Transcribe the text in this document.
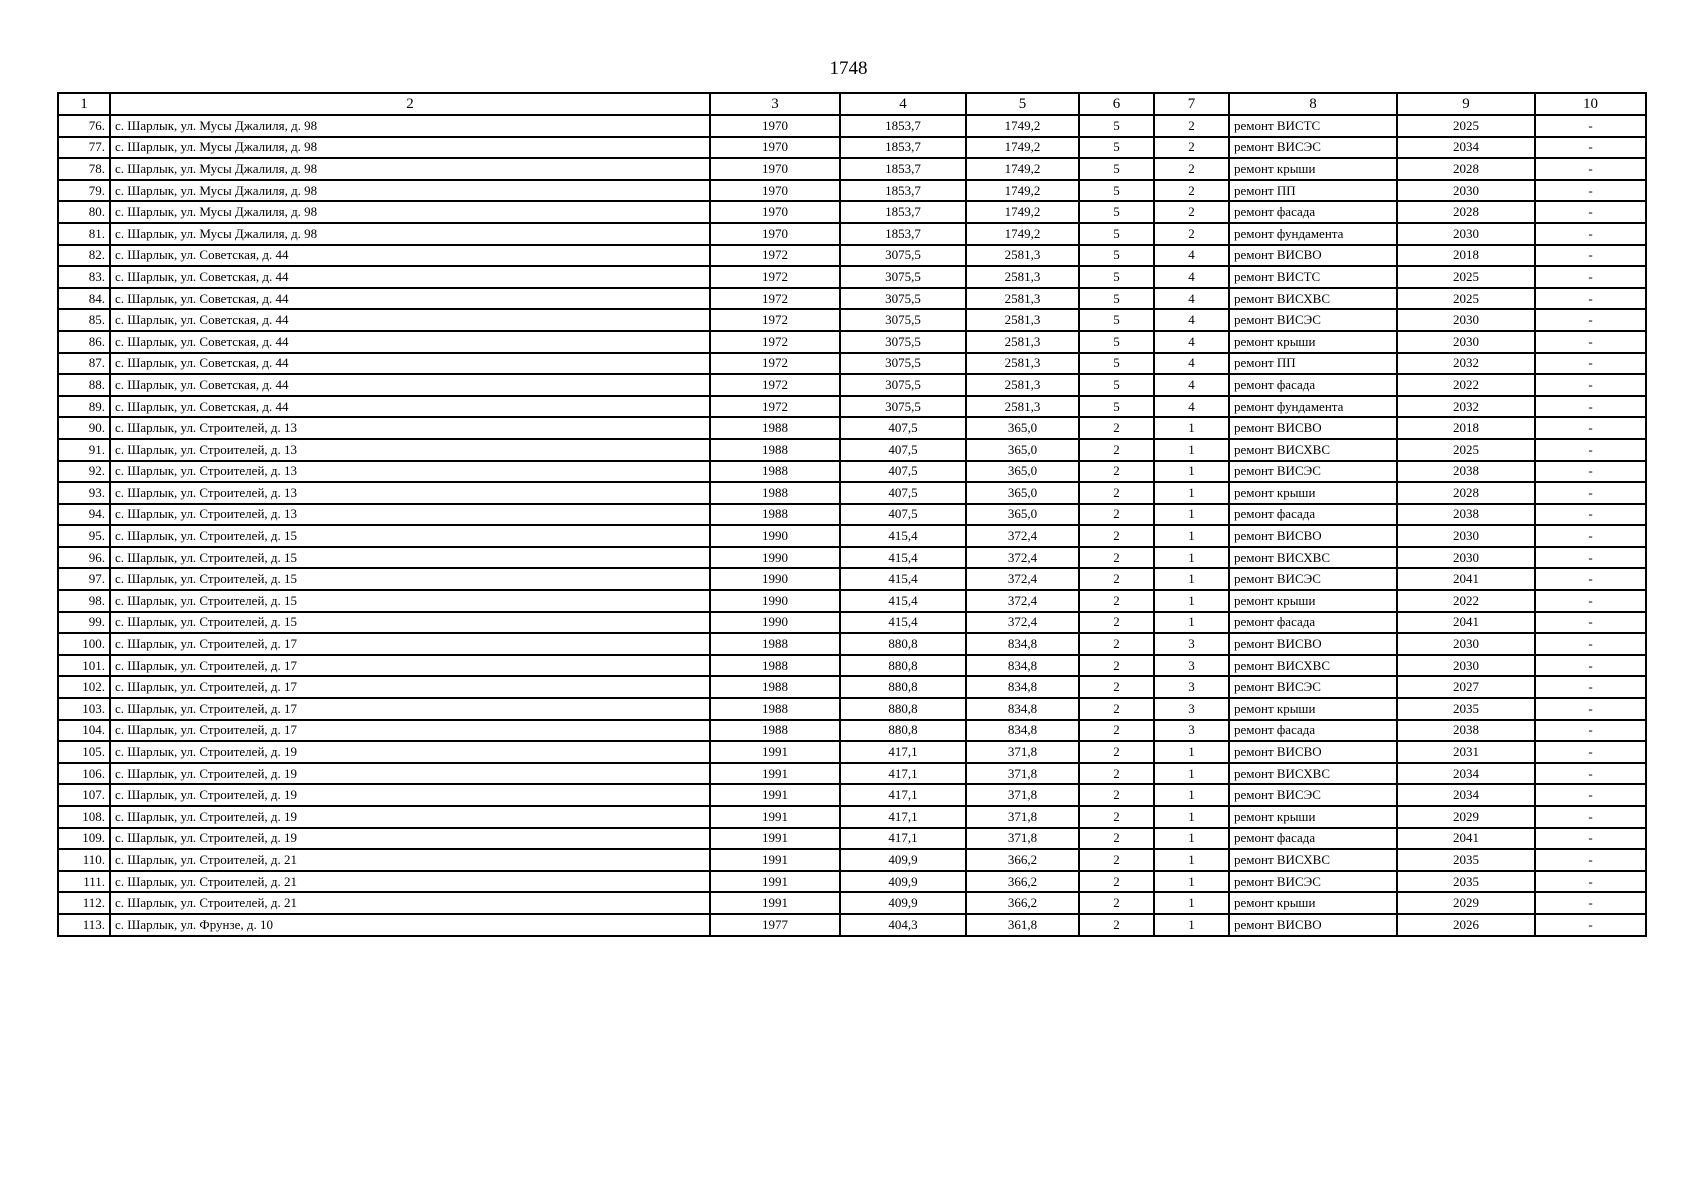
1748
1	2	3	4	5	6	7	8	9	10
76.	с. Шарлык, ул. Мусы Джалиля, д. 98	1970	1853,7	1749,2	5	2	ремонт ВИСТС	2025	-
77.	с. Шарлык, ул. Мусы Джалиля, д. 98	1970	1853,7	1749,2	5	2	ремонт ВИСЭС	2034	-
78.	с. Шарлык, ул. Мусы Джалиля, д. 98	1970	1853,7	1749,2	5	2	ремонт крыши	2028	-
79.	с. Шарлык, ул. Мусы Джалиля, д. 98	1970	1853,7	1749,2	5	2	ремонт ПП	2030	-
80.	с. Шарлык, ул. Мусы Джалиля, д. 98	1970	1853,7	1749,2	5	2	ремонт фасада	2028	-
81.	с. Шарлык, ул. Мусы Джалиля, д. 98	1970	1853,7	1749,2	5	2	ремонт фундамента	2030	-
82.	с. Шарлык, ул. Советская, д. 44	1972	3075,5	2581,3	5	4	ремонт ВИСВО	2018	-
83.	с. Шарлык, ул. Советская, д. 44	1972	3075,5	2581,3	5	4	ремонт ВИСТС	2025	-
84.	с. Шарлык, ул. Советская, д. 44	1972	3075,5	2581,3	5	4	ремонт ВИСХВС	2025	-
85.	с. Шарлык, ул. Советская, д. 44	1972	3075,5	2581,3	5	4	ремонт ВИСЭС	2030	-
86.	с. Шарлык, ул. Советская, д. 44	1972	3075,5	2581,3	5	4	ремонт крыши	2030	-
87.	с. Шарлык, ул. Советская, д. 44	1972	3075,5	2581,3	5	4	ремонт ПП	2032	-
88.	с. Шарлык, ул. Советская, д. 44	1972	3075,5	2581,3	5	4	ремонт фасада	2022	-
89.	с. Шарлык, ул. Советская, д. 44	1972	3075,5	2581,3	5	4	ремонт фундамента	2032	-
90.	с. Шарлык, ул. Строителей, д. 13	1988	407,5	365,0	2	1	ремонт ВИСВО	2018	-
91.	с. Шарлык, ул. Строителей, д. 13	1988	407,5	365,0	2	1	ремонт ВИСХВС	2025	-
92.	с. Шарлык, ул. Строителей, д. 13	1988	407,5	365,0	2	1	ремонт ВИСЭС	2038	-
93.	с. Шарлык, ул. Строителей, д. 13	1988	407,5	365,0	2	1	ремонт крыши	2028	-
94.	с. Шарлык, ул. Строителей, д. 13	1988	407,5	365,0	2	1	ремонт фасада	2038	-
95.	с. Шарлык, ул. Строителей, д. 15	1990	415,4	372,4	2	1	ремонт ВИСВО	2030	-
96.	с. Шарлык, ул. Строителей, д. 15	1990	415,4	372,4	2	1	ремонт ВИСХВС	2030	-
97.	с. Шарлык, ул. Строителей, д. 15	1990	415,4	372,4	2	1	ремонт ВИСЭС	2041	-
98.	с. Шарлык, ул. Строителей, д. 15	1990	415,4	372,4	2	1	ремонт крыши	2022	-
99.	с. Шарлык, ул. Строителей, д. 15	1990	415,4	372,4	2	1	ремонт фасада	2041	-
100.	с. Шарлык, ул. Строителей, д. 17	1988	880,8	834,8	2	3	ремонт ВИСВО	2030	-
101.	с. Шарлык, ул. Строителей, д. 17	1988	880,8	834,8	2	3	ремонт ВИСХВС	2030	-
102.	с. Шарлык, ул. Строителей, д. 17	1988	880,8	834,8	2	3	ремонт ВИСЭС	2027	-
103.	с. Шарлык, ул. Строителей, д. 17	1988	880,8	834,8	2	3	ремонт крыши	2035	-
104.	с. Шарлык, ул. Строителей, д. 17	1988	880,8	834,8	2	3	ремонт фасада	2038	-
105.	с. Шарлык, ул. Строителей, д. 19	1991	417,1	371,8	2	1	ремонт ВИСВО	2031	-
106.	с. Шарлык, ул. Строителей, д. 19	1991	417,1	371,8	2	1	ремонт ВИСХВС	2034	-
107.	с. Шарлык, ул. Строителей, д. 19	1991	417,1	371,8	2	1	ремонт ВИСЭС	2034	-
108.	с. Шарлык, ул. Строителей, д. 19	1991	417,1	371,8	2	1	ремонт крыши	2029	-
109.	с. Шарлык, ул. Строителей, д. 19	1991	417,1	371,8	2	1	ремонт фасада	2041	-
110.	с. Шарлык, ул. Строителей, д. 21	1991	409,9	366,2	2	1	ремонт ВИСХВС	2035	-
111.	с. Шарлык, ул. Строителей, д. 21	1991	409,9	366,2	2	1	ремонт ВИСЭС	2035	-
112.	с. Шарлык, ул. Строителей, д. 21	1991	409,9	366,2	2	1	ремонт крыши	2029	-
113.	с. Шарлык, ул. Фрунзе, д. 10	1977	404,3	361,8	2	1	ремонт ВИСВО	2026	-
